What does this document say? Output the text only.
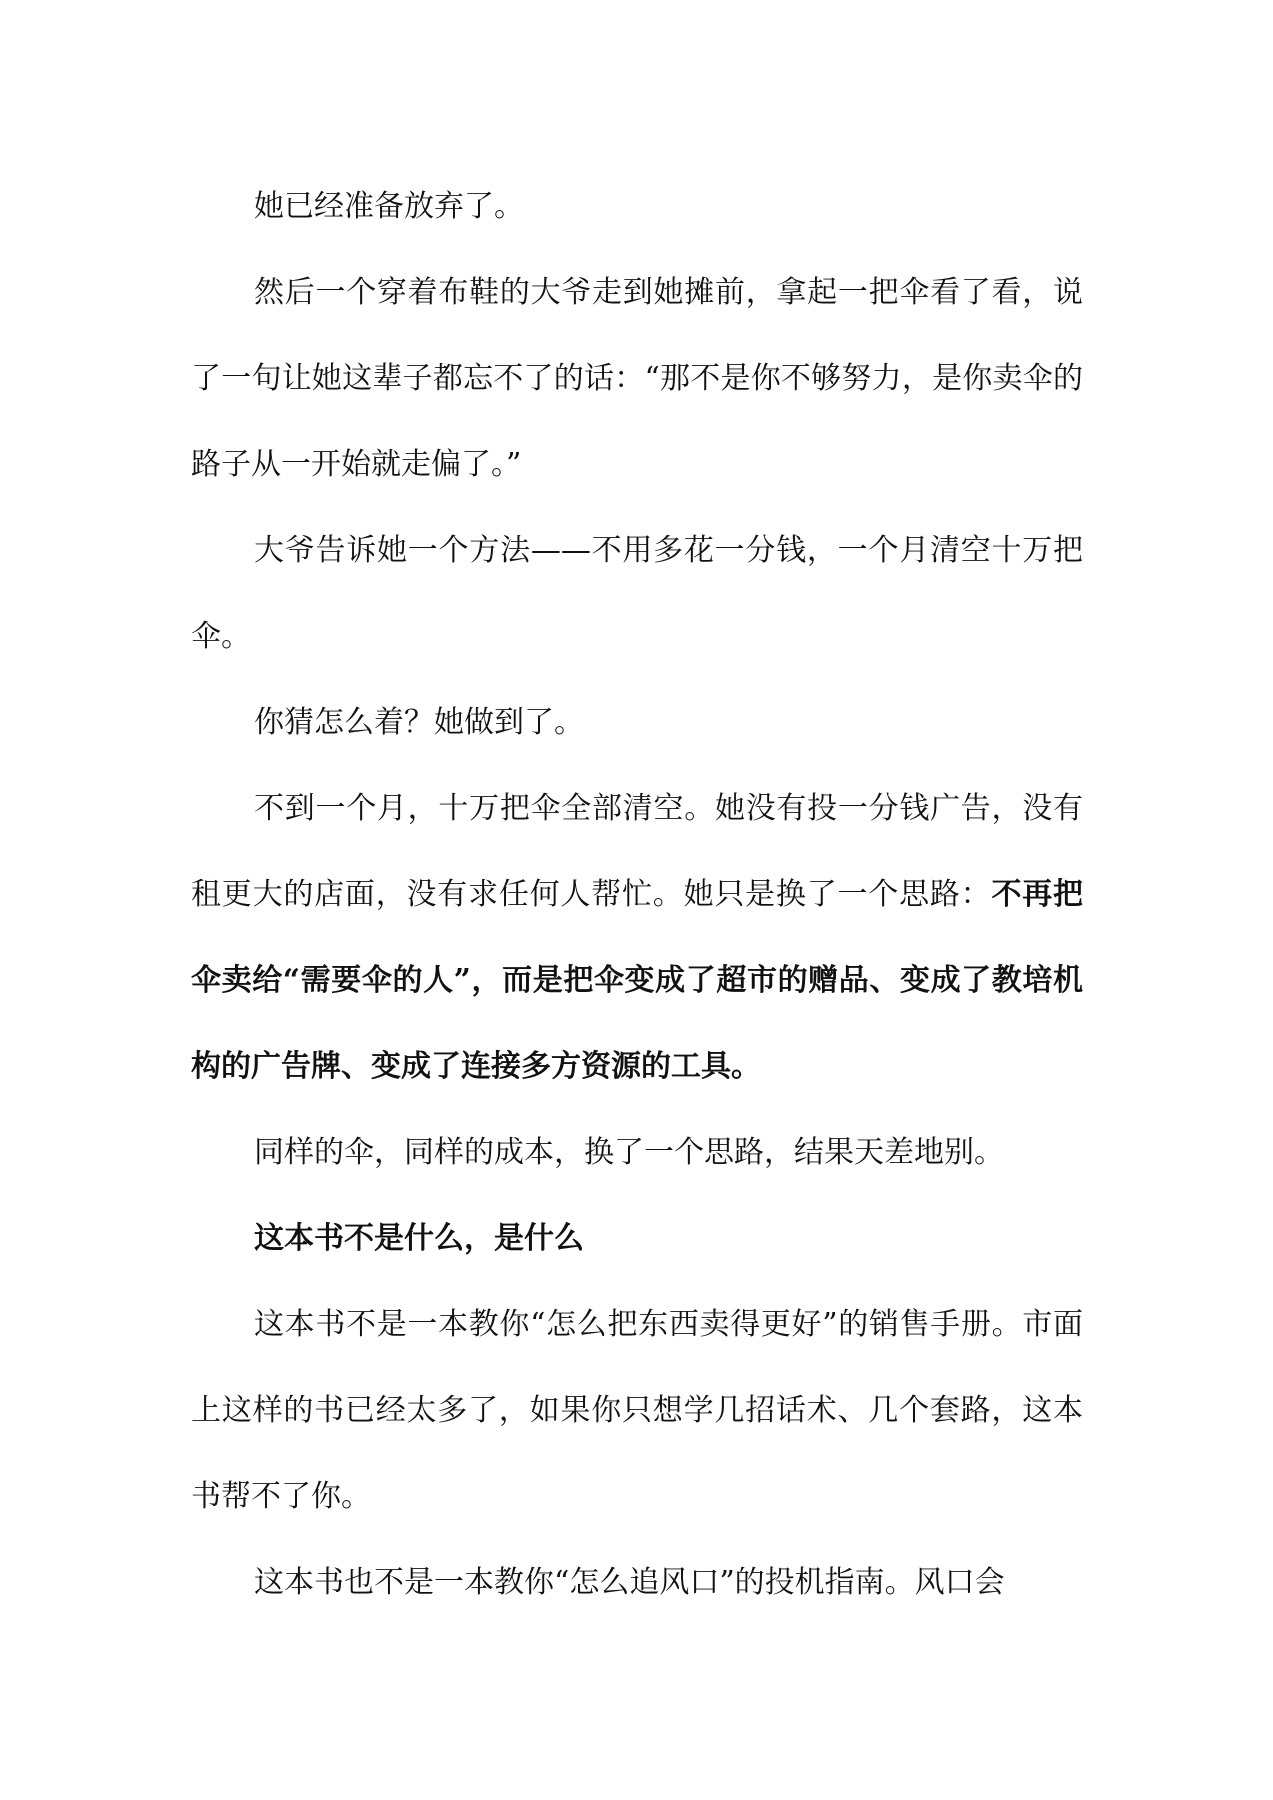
她已经准备放弃了。

然后一个穿着布鞋的大爷走到她摊前，拿起一把伞看了看，说了一句让她这辈子都忘不了的话：“那不是你不够努力，是你卖伞的路子从一开始就走偏了。”

大爷告诉她一个方法——不用多花一分钱，一个月清空十万把伞。

你猜怎么着？她做到了。

不到一个月，十万把伞全部清空。她没有投一分钱广告，没有租更大的店面，没有求任何人帮忙。她只是换了一个思路：不再把伞卖给“需要伞的人”，而是把伞变成了超市的赠品、变成了教培机构的广告牌、变成了连接多方资源的工具。

同样的伞，同样的成本，换了一个思路，结果天差地别。

这本书不是什么，是什么

这本书不是一本教你“怎么把东西卖得更好”的销售手册。市面上这样的书已经太多了，如果你只想学几招话术、几个套路，这本书帮不了你。

这本书也不是一本教你“怎么追风口”的投机指南。风口会
